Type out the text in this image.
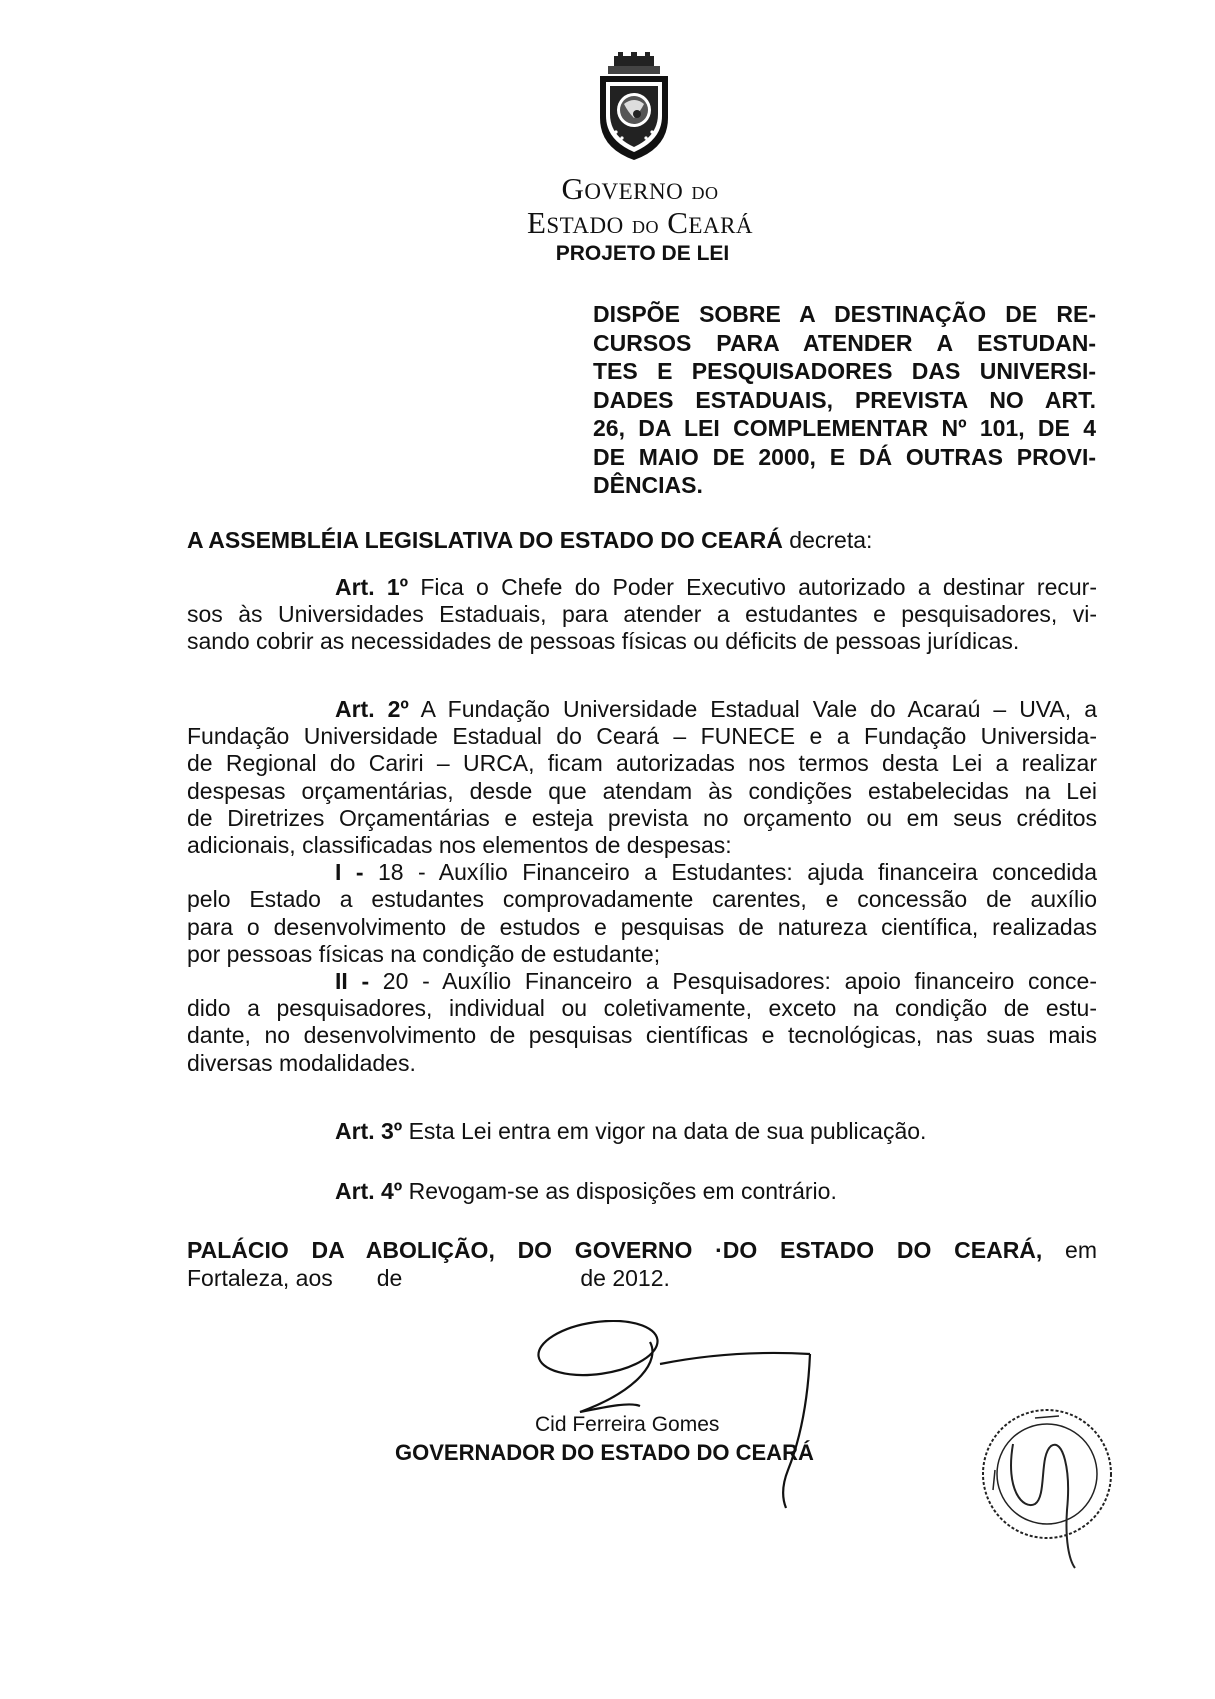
GOVERNO DO
ESTADO DO CEARÁ
PROJETO DE LEI
DISPÕE SOBRE A DESTINAÇÃO DE RE-
CURSOS PARA ATENDER A ESTUDAN-
TES E PESQUISADORES DAS UNIVERSI-
DADES ESTADUAIS, PREVISTA NO ART.
26, DA LEI COMPLEMENTAR Nº 101, DE 4
DE MAIO DE 2000, E DÁ OUTRAS PROVI-
DÊNCIAS.
A ASSEMBLÉIA LEGISLATIVA DO ESTADO DO CEARÁ decreta:
Art. 1º Fica o Chefe do Poder Executivo autorizado a destinar recur-
sos às Universidades Estaduais, para atender a estudantes e pesquisadores, vi-
sando cobrir as necessidades de pessoas físicas ou déficits de pessoas jurídicas.
Art. 2º A Fundação Universidade Estadual Vale do Acaraú – UVA, a
Fundação Universidade Estadual do Ceará – FUNECE e a Fundação Universida-
de Regional do Cariri – URCA, ficam autorizadas nos termos desta Lei a realizar
despesas orçamentárias, desde que atendam às condições estabelecidas na Lei
de Diretrizes Orçamentárias e esteja prevista no orçamento ou em seus créditos
adicionais, classificadas nos elementos de despesas:
I - 18 - Auxílio Financeiro a Estudantes: ajuda financeira concedida
pelo Estado a estudantes comprovadamente carentes, e concessão de auxílio
para o desenvolvimento de estudos e pesquisas de natureza científica, realizadas
por pessoas físicas na condição de estudante;
II - 20 - Auxílio Financeiro a Pesquisadores: apoio financeiro conce-
dido a pesquisadores, individual ou coletivamente, exceto na condição de estu-
dante, no desenvolvimento de pesquisas científicas e tecnológicas, nas suas mais
diversas modalidades.
Art. 3º Esta Lei entra em vigor na data de sua publicação.
Art. 4º Revogam-se as disposições em contrário.
PALÁCIO DA ABOLIÇÃO, DO GOVERNO ·DO ESTADO DO CEARÁ, em
Fortaleza, aos de	de 2012.
Cid Ferreira Gomes
GOVERNADOR DO ESTADO DO CEARÁ
